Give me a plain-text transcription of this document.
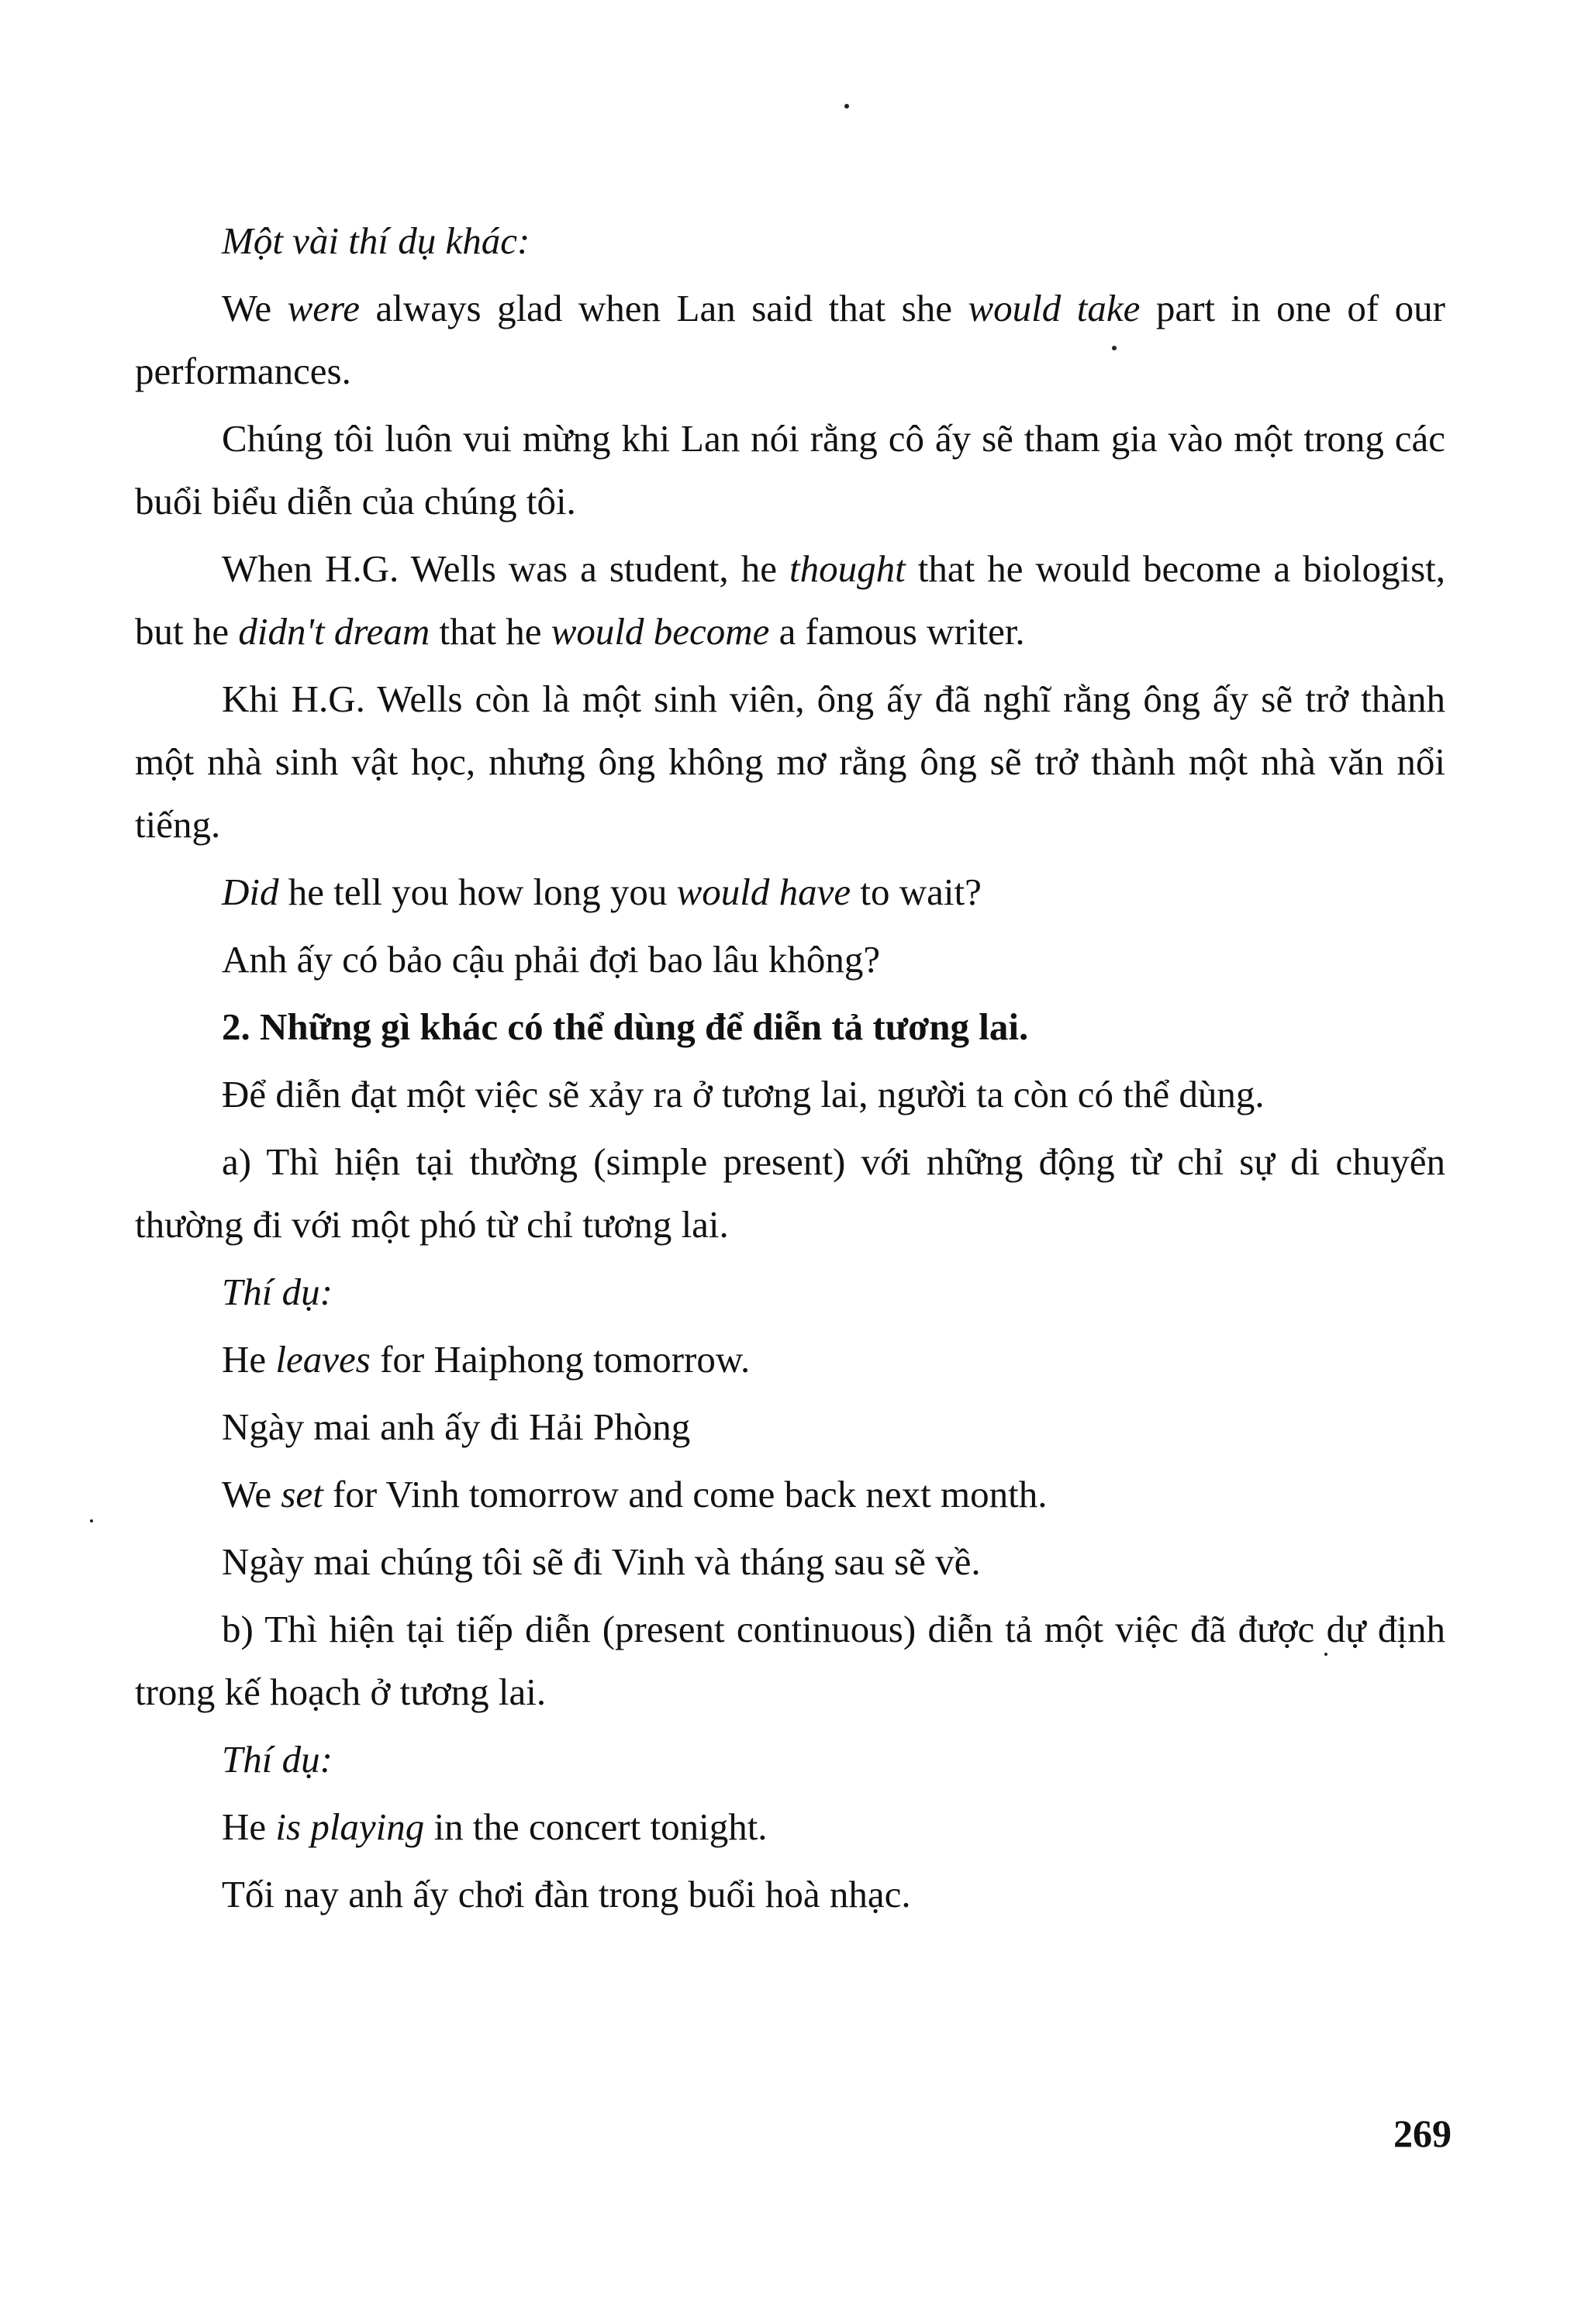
Một vài thí dụ khác:

We were always glad when Lan said that she would take part in one of our performances.

Chúng tôi luôn vui mừng khi Lan nói rằng cô ấy sẽ tham gia vào một trong các buổi biểu diễn của chúng tôi.

When H.G. Wells was a student, he thought that he would become a biologist, but he didn't dream that he would become a famous writer.

Khi H.G. Wells còn là một sinh viên, ông ấy đã nghĩ rằng ông ấy sẽ trở thành một nhà sinh vật học, nhưng ông không mơ rằng ông sẽ trở thành một nhà văn nổi tiếng.

Did he tell you how long you would have to wait?

Anh ấy có bảo cậu phải đợi bao lâu không?

2. Những gì khác có thể dùng để diễn tả tương lai.

Để diễn đạt một việc sẽ xảy ra ở tương lai, người ta còn có thể dùng.

a) Thì hiện tại thường (simple present) với những động từ chỉ sự di chuyển thường đi với một phó từ chỉ tương lai.

Thí dụ:

He leaves for Haiphong tomorrow.

Ngày mai anh ấy đi Hải Phòng

We set for Vinh tomorrow and come back next month.

Ngày mai chúng tôi sẽ đi Vinh và tháng sau sẽ về.

b) Thì hiện tại tiếp diễn (present continuous) diễn tả một việc đã được dự định trong kế hoạch ở tương lai.

Thí dụ:

He is playing in the concert tonight.

Tối nay anh ấy chơi đàn trong buổi hoà nhạc.

269
